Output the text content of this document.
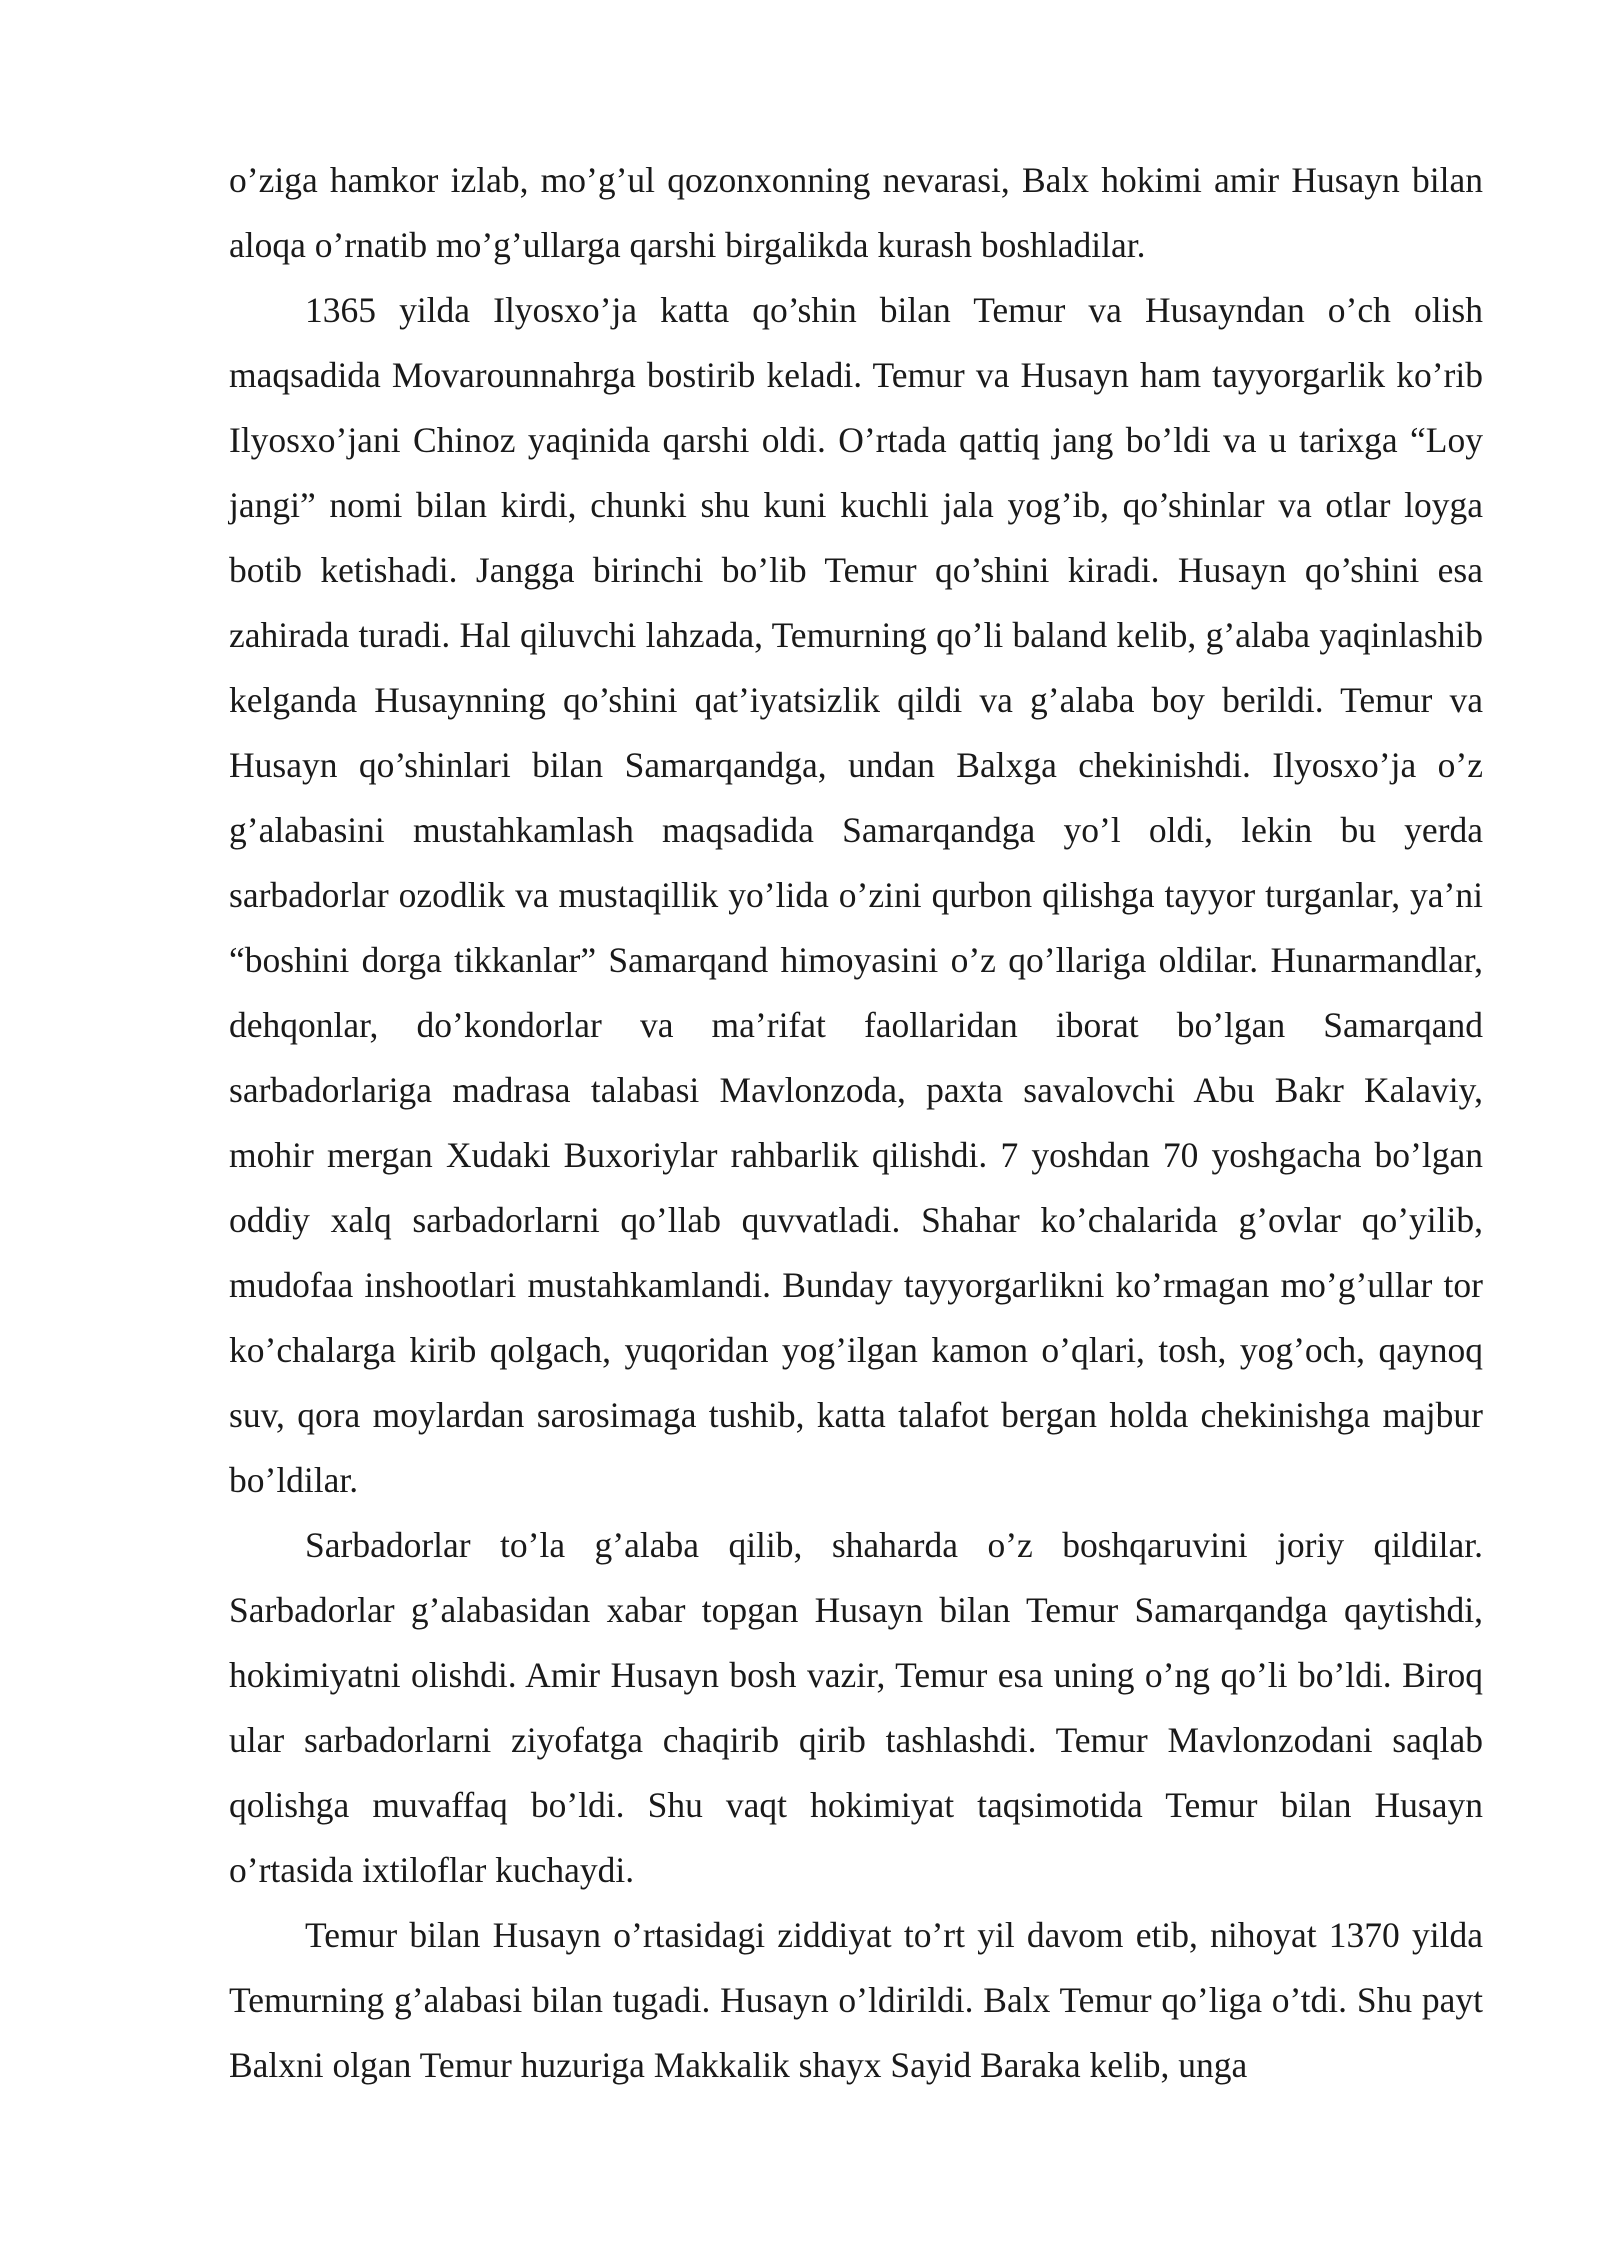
o’ziga hamkor izlab, mo’g’ul qozonxonning nevarasi, Balx hokimi amir Husayn bilan aloqa o’rnatib mo’g’ullarga qarshi birgalikda kurash boshladilar.

1365 yilda Ilyosxo’ja katta qo’shin bilan Temur va Husayndan o’ch olish maqsadida Movarounnahrga bostirib keladi. Temur va Husayn ham tayyorgarlik ko’rib Ilyosxo’jani Chinoz yaqinida qarshi oldi. O’rtada qattiq jang bo’ldi va u tarixga “Loy jangi” nomi bilan kirdi, chunki shu kuni kuchli jala yog’ib, qo’shinlar va otlar loyga botib ketishadi. Jangga birinchi bo’lib Temur qo’shini kiradi. Husayn qo’shini esa zahirada turadi. Hal qiluvchi lahzada, Temurning qo’li baland kelib, g’alaba yaqinlashib kelganda Husaynning qo’shini qat’iyatsizlik qildi va g’alaba boy berildi. Temur va Husayn qo’shinlari bilan Samarqandga, undan Balxga chekinishdi. Ilyosxo’ja o’z g’alabasini mustahkamlash maqsadida Samarqandga yo’l oldi, lekin bu yerda sarbadorlar ozodlik va mustaqillik yo’lida o’zini qurbon qilishga tayyor turganlar, ya’ni “boshini dorga tikkanlar” Samarqand himoyasini o’z qo’llariga oldilar. Hunarmandlar, dehqonlar, do’kondorlar va ma’rifat faollaridan iborat bo’lgan Samarqand sarbadorlariga madrasa talabasi Mavlonzoda, paxta savalovchi Abu Bakr Kalaviy, mohir mergan Xudaki Buxoriylar rahbarlik qilishdi. 7 yoshdan 70 yoshgacha bo’lgan oddiy xalq sarbadorlarni qo’llab quvvatladi. Shahar ko’chalarida g’ovlar qo’yilib, mudofaa inshootlari mustahkamlandi. Bunday tayyorgarlikni ko’rmagan mo’g’ullar tor ko’chalarga kirib qolgach, yuqoridan yog’ilgan kamon o’qlari, tosh, yog’och, qaynoq suv, qora moylardan sarosimaga tushib, katta talafot bergan holda chekinishga majbur bo’ldilar.

Sarbadorlar to’la g’alaba qilib, shaharda o’z boshqaruvini joriy qildilar. Sarbadorlar g’alabasidan xabar topgan Husayn bilan Temur Samarqandga qaytishdi, hokimiyatni olishdi. Amir Husayn bosh vazir, Temur esa uning o’ng qo’li bo’ldi. Biroq ular sarbadorlarni ziyofatga chaqirib qirib tashlashdi. Temur Mavlonzodani saqlab qolishga muvaffaq bo’ldi. Shu vaqt hokimiyat taqsimotida Temur bilan Husayn o’rtasida ixtiloflar kuchaydi.

Temur bilan Husayn o’rtasidagi ziddiyat to’rt yil davom etib, nihoyat 1370 yilda Temurning g’alabasi bilan tugadi. Husayn o’ldirildi. Balx Temur qo’liga o’tdi. Shu payt Balxni olgan Temur huzuriga Makkalik shayx Sayid Baraka kelib, unga
